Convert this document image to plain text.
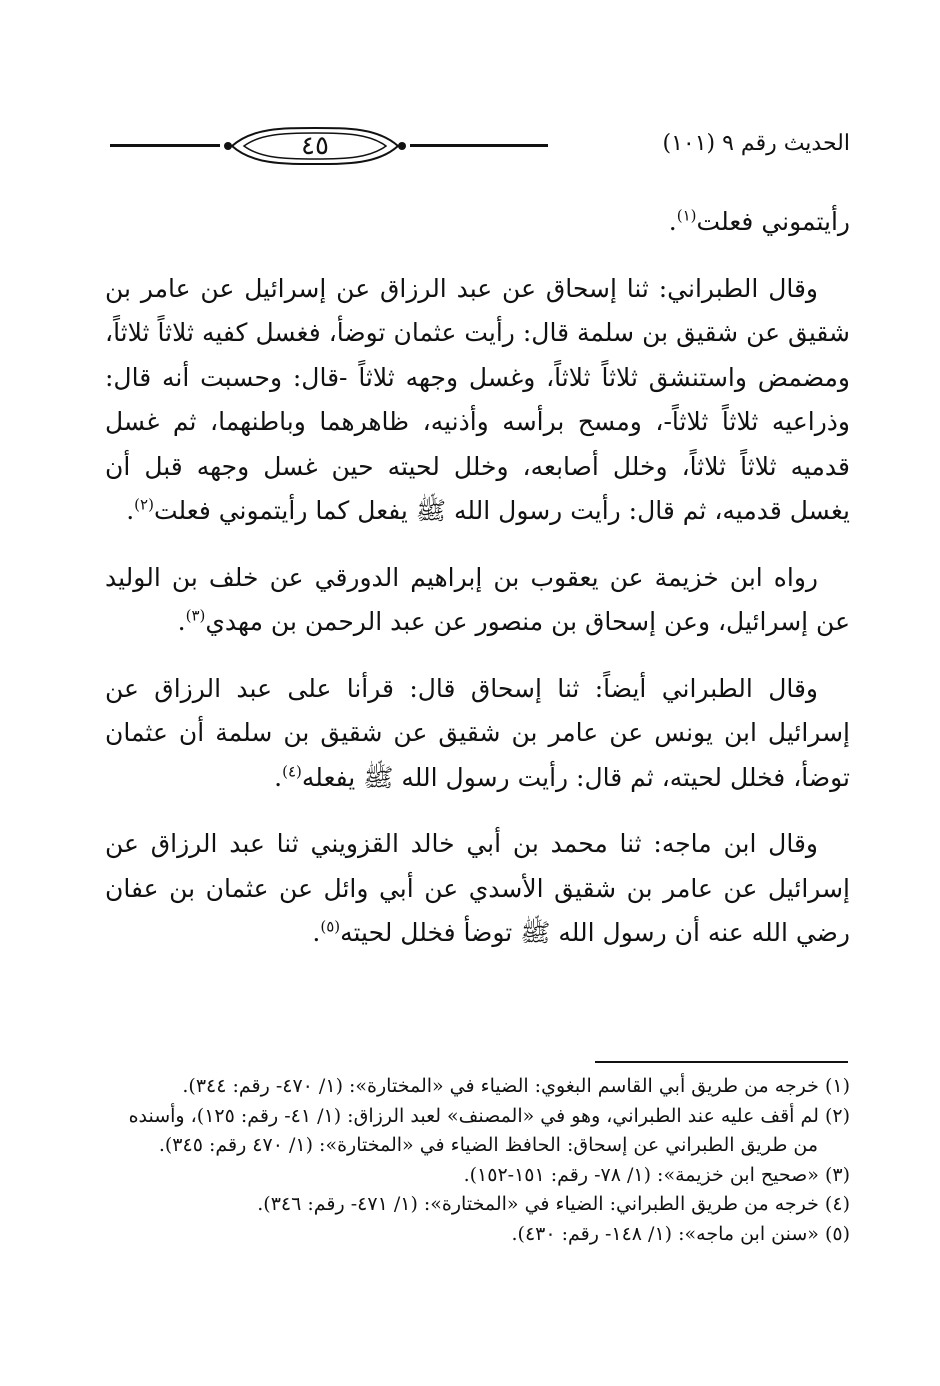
٤٥	الحديث رقم ٩ (١٠١)

رأيتموني فعلت$^{(١)}$.

وقال الطبراني: ثنا إسحاق عن عبد الرزاق عن إسرائيل عن عامر بن شقيق عن شقيق بن سلمة قال: رأيت عثمان توضأ، فغسل كفيه ثلاثاً ثلاثاً، ومضمض واستنشق ثلاثاً ثلاثاً، وغسل وجهه ثلاثاً -قال: وحسبت أنه قال: وذراعيه ثلاثاً ثلاثاً-، ومسح برأسه وأذنيه، ظاهرهما وباطنهما، ثم غسل قدميه ثلاثاً ثلاثاً، وخلل أصابعه، وخلل لحيته حين غسل وجهه قبل أن يغسل قدميه، ثم قال: رأيت رسول الله ﷺ يفعل كما رأيتموني فعلت$^{(٢)}$.

رواه ابن خزيمة عن يعقوب بن إبراهيم الدورقي عن خلف بن الوليد عن إسرائيل، وعن إسحاق بن منصور عن عبد الرحمن بن مهدي$^{(٣)}$.

وقال الطبراني أيضاً: ثنا إسحاق قال: قرأنا على عبد الرزاق عن إسرائيل ابن يونس عن عامر بن شقيق عن شقيق بن سلمة أن عثمان توضأ، فخلل لحيته، ثم قال: رأيت رسول الله ﷺ يفعله$^{(٤)}$.

وقال ابن ماجه: ثنا محمد بن أبي خالد القزويني ثنا عبد الرزاق عن إسرائيل عن عامر بن شقيق الأسدي عن أبي وائل عن عثمان بن عفان رضي الله عنه أن رسول الله ﷺ توضأ فخلل لحيته$^{(٥)}$.

(١) خرجه من طريق أبي القاسم البغوي: الضياء في «المختارة»: (١/ ٤٧٠- رقم: ٣٤٤).

(٢) لم أقف عليه عند الطبراني، وهو في «المصنف» لعبد الرزاق: (١/ ٤١- رقم: ١٢٥)، وأسنده

من طريق الطبراني عن إسحاق: الحافظ الضياء في «المختارة»: (١/ ٤٧٠ رقم: ٣٤٥).

(٣) «صحيح ابن خزيمة»: (١/ ٧٨- رقم: ١٥١-١٥٢).

(٤) خرجه من طريق الطبراني: الضياء في «المختارة»: (١/ ٤٧١- رقم: ٣٤٦).

(٥) «سنن ابن ماجه»: (١/ ١٤٨- رقم: ٤٣٠).
